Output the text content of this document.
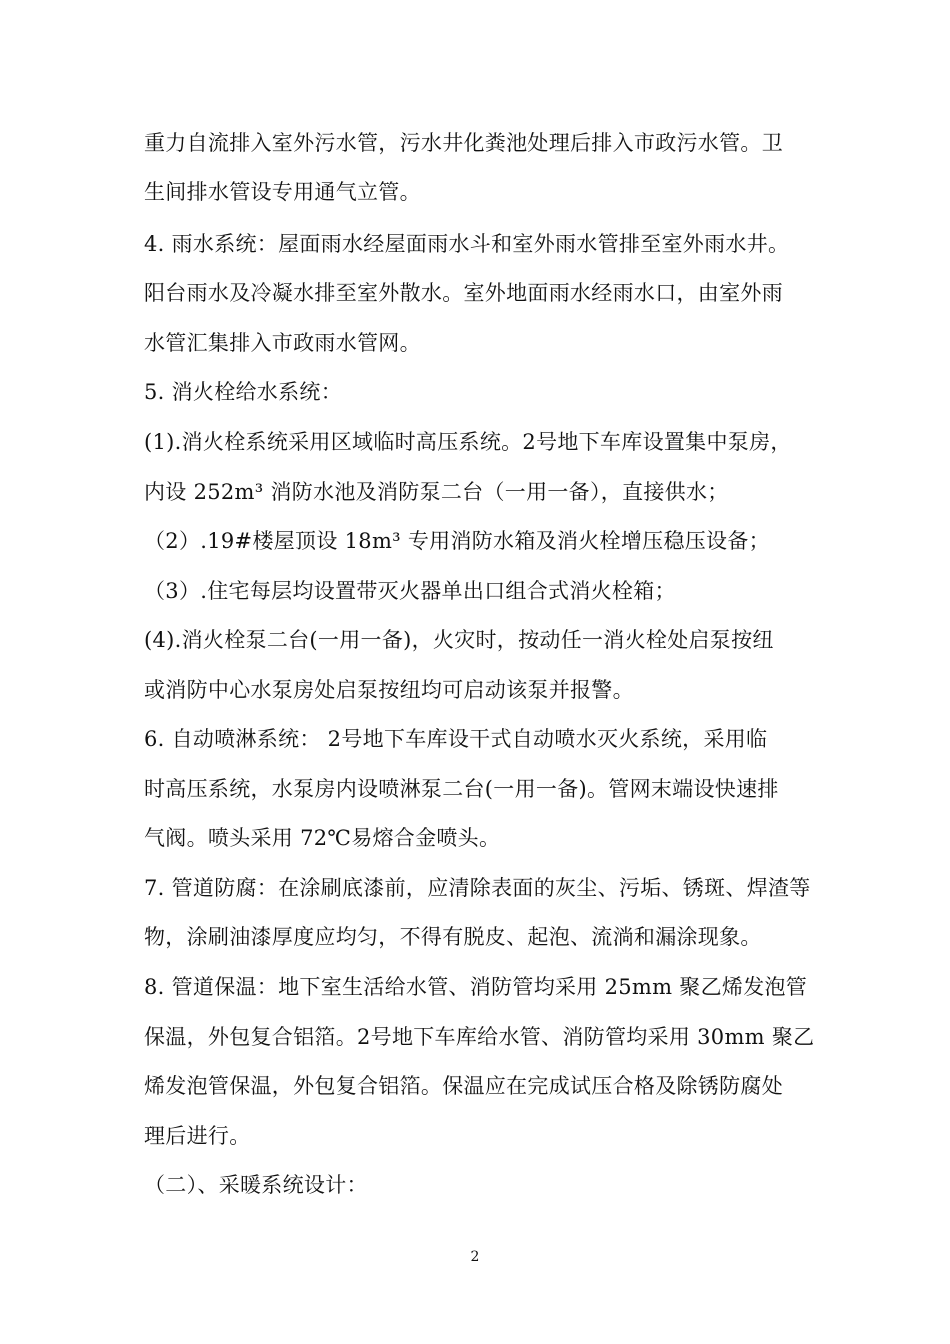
重力自流排入室外污水管，污水井化粪池处理后排入市政污水管。卫
生间排水管设专用通气立管。
4. 雨水系统：屋面雨水经屋面雨水斗和室外雨水管排至室外雨水井。
阳台雨水及冷凝水排至室外散水。室外地面雨水经雨水口，由室外雨
水管汇集排入市政雨水管网。
5. 消火栓给水系统：
(1).消火栓系统采用区域临时高压系统。2号地下车库设置集中泵房，
内设 252m³ 消防水池及消防泵二台（一用一备），直接供水；
（2）.19#楼屋顶设 18m³ 专用消防水箱及消火栓增压稳压设备；
（3）.住宅每层均设置带灭火器单出口组合式消火栓箱；
(4).消火栓泵二台(一用一备)，火灾时，按动任一消火栓处启泵按纽
或消防中心水泵房处启泵按纽均可启动该泵并报警。
6. 自动喷淋系统： 2号地下车库设干式自动喷水灭火系统，采用临
时高压系统，水泵房内设喷淋泵二台(一用一备)。管网末端设快速排
气阀。喷头采用 72℃易熔合金喷头。
7. 管道防腐：在涂刷底漆前，应清除表面的灰尘、污垢、锈斑、焊渣等
物，涂刷油漆厚度应均匀，不得有脱皮、起泡、流淌和漏涂现象。
8. 管道保温：地下室生活给水管、消防管均采用 25mm 聚乙烯发泡管
保温，外包复合铝箔。2号地下车库给水管、消防管均采用 30mm 聚乙
烯发泡管保温，外包复合铝箔。保温应在完成试压合格及除锈防腐处
理后进行。
（二）、采暖系统设计：
2
